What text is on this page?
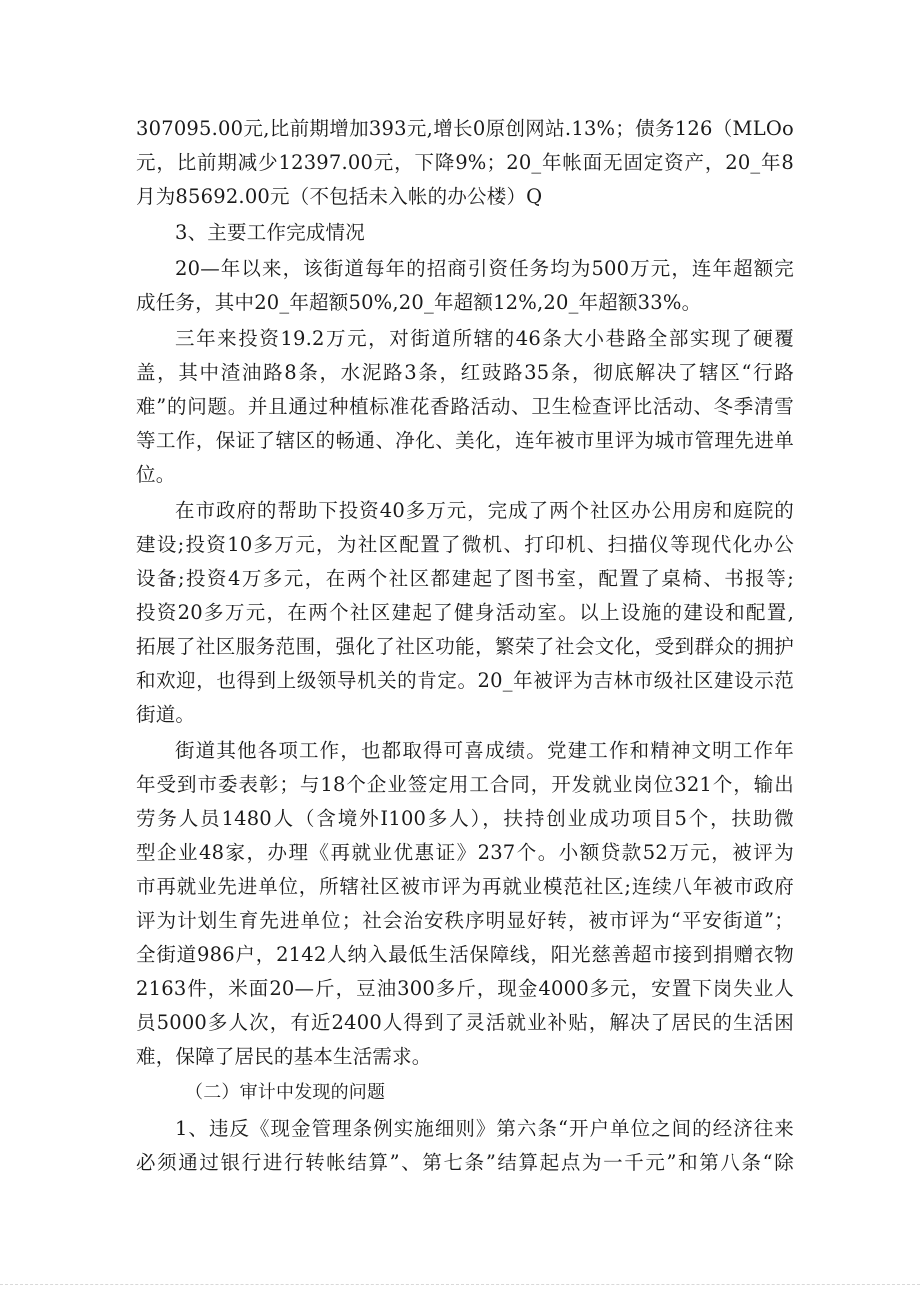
307095.00元,比前期增加393元,增长0原创网站.13%；债务126（MLOo
元，比前期减少12397.00元，下降9%；20_年帐面无固定资产，20_年8
月为85692.00元（不包括未入帐的办公楼）Q
3、主要工作完成情况
20—年以来，该街道每年的招商引资任务均为500万元，连年超额完
成任务，其中20_年超额50%,20_年超额12%,20_年超额33%。
三年来投资19.2万元，对街道所辖的46条大小巷路全部实现了硬覆
盖，其中渣油路8条，水泥路3条，红豉路35条，彻底解决了辖区“行路
难”的问题。并且通过种植标准花香路活动、卫生检查评比活动、冬季清雪
等工作，保证了辖区的畅通、净化、美化，连年被市里评为城市管理先进单
位。
在市政府的帮助下投资40多万元，完成了两个社区办公用房和庭院的
建设;投资10多万元，为社区配置了微机、打印机、扫描仪等现代化办公
设备;投资4万多元，在两个社区都建起了图书室，配置了桌椅、书报等;
投资20多万元，在两个社区建起了健身活动室。以上设施的建设和配置,
拓展了社区服务范围，强化了社区功能，繁荣了社会文化，受到群众的拥护
和欢迎，也得到上级领导机关的肯定。20_年被评为吉林市级社区建设示范
街道。
街道其他各项工作，也都取得可喜成绩。党建工作和精神文明工作年
年受到市委表彰；与18个企业签定用工合同，开发就业岗位321个，输出
劳务人员1480人（含境外I100多人），扶持创业成功项目5个，扶助微
型企业48家，办理《再就业优惠证》237个。小额贷款52万元，被评为
市再就业先进单位，所辖社区被市评为再就业模范社区;连续八年被市政府
评为计划生育先进单位；社会治安秩序明显好转，被市评为“平安街道”；
全街道986户，2142人纳入最低生活保障线，阳光慈善超市接到捐赠衣物
2163件，米面20—斤，豆油300多斤，现金4000多元，安置下岗失业人
员5000多人次，有近2400人得到了灵活就业补贴，解决了居民的生活困
难，保障了居民的基本生活需求。
（二）审计中发现的问题
1、违反《现金管理条例实施细则》第六条“开户单位之间的经济往来
必须通过银行进行转帐结算”、第七条”结算起点为一千元”和第八条“除
